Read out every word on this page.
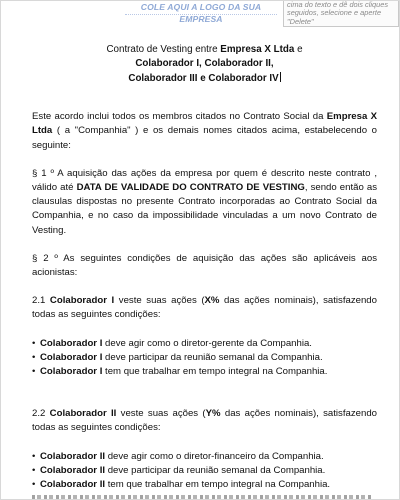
COLE AQUI A LOGO DA SUA EMPRESA
cima do texto e dê dois cliques seguidos, selecione e aperte "Delete"
Contrato de Vesting entre Empresa X Ltda e
Colaborador I, Colaborador II,
Colaborador III e Colaborador IV

Este acordo inclui todos os membros citados no Contrato Social da Empresa X Ltda ( a "Companhia" ) e os demais nomes citados acima, estabelecendo o seguinte:

§ 1 º A aquisição das ações da empresa por quem é descrito neste contrato , válido até DATA DE VALIDADE DO CONTRATO DE VESTING, sendo então as clausulas dispostas no presente Contrato incorporadas ao Contrato Social da Companhia, e no caso da impossibilidade vinculadas a um novo Contrato de Vesting.

§ 2 º As seguintes condições de aquisição das ações são aplicáveis aos acionistas:

2.1 Colaborador I veste suas ações (X% das ações nominais), satisfazendo todas as seguintes condições:

• Colaborador I deve agir como o diretor-gerente da Companhia.
• Colaborador I deve participar da reunião semanal da Companhia.
• Colaborador I tem que trabalhar em tempo integral na Companhia.

2.2 Colaborador II veste suas ações (Y% das ações nominais), satisfazendo todas as seguintes condições:

• Colaborador II deve agir como o diretor-financeiro da Companhia.
• Colaborador II deve participar da reunião semanal da Companhia.
• Colaborador II tem que trabalhar em tempo integral na Companhia.
